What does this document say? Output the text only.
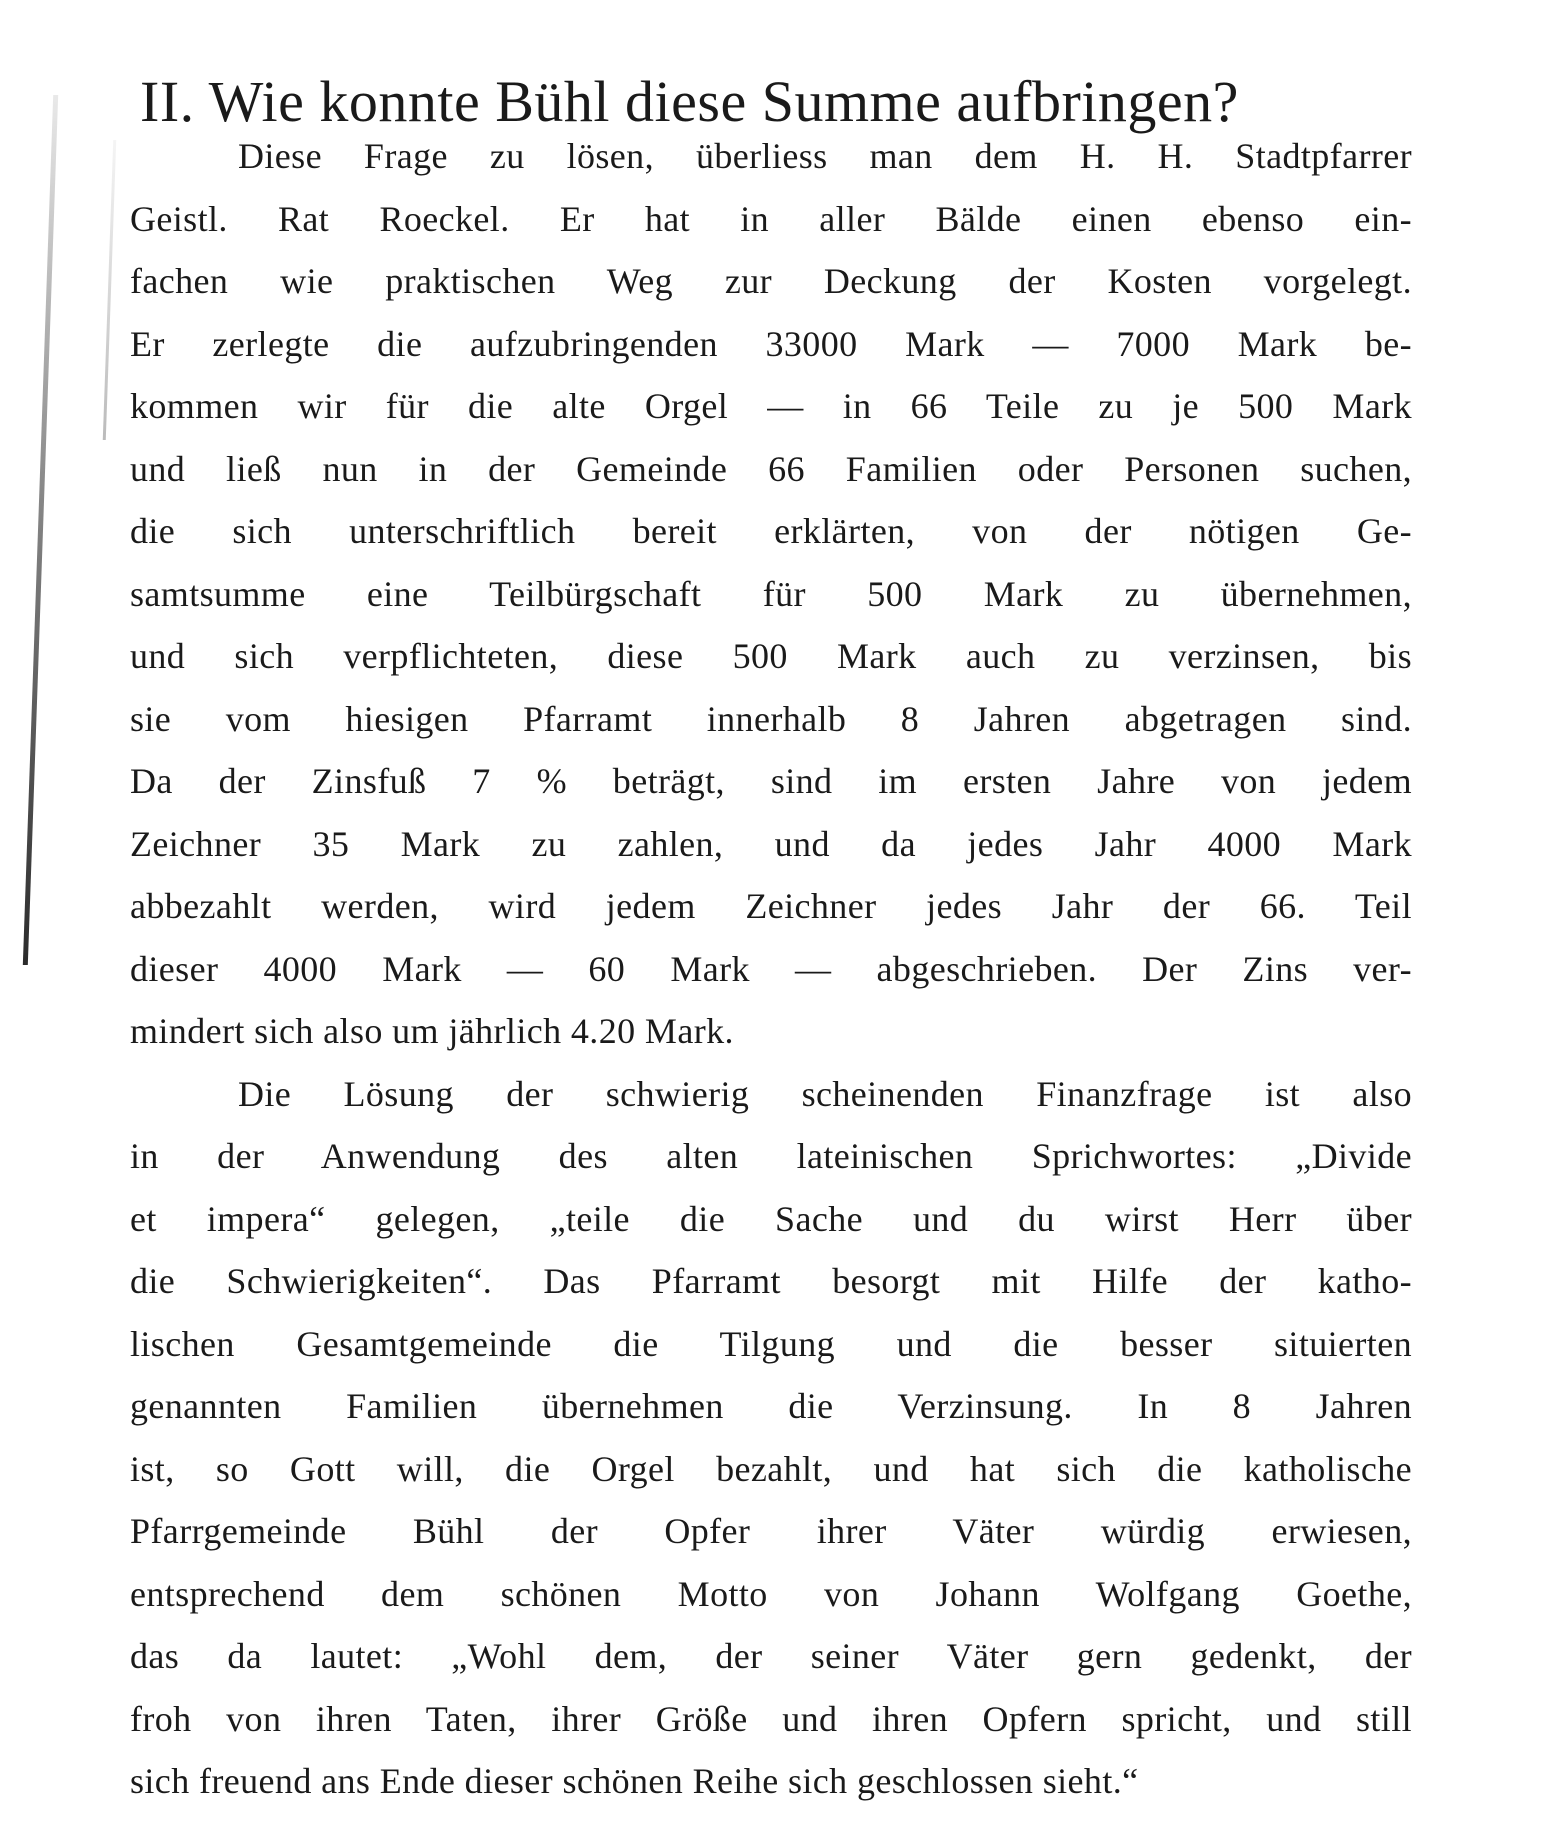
II. Wie konnte Bühl diese Summe aufbringen?
Diese Frage zu lösen, überliess man dem H. H. Stadtpfarrer
Geistl. Rat Roeckel. Er hat in aller Bälde einen ebenso ein-
fachen wie praktischen Weg zur Deckung der Kosten vorgelegt.
Er zerlegte die aufzubringenden 33000 Mark — 7000 Mark be-
kommen wir für die alte Orgel — in 66 Teile zu je 500 Mark
und ließ nun in der Gemeinde 66 Familien oder Personen suchen,
die sich unterschriftlich bereit erklärten, von der nötigen Ge-
samtsumme eine Teilbürgschaft für 500 Mark zu übernehmen,
und sich verpflichteten, diese 500 Mark auch zu verzinsen, bis
sie vom hiesigen Pfarramt innerhalb 8 Jahren abgetragen sind.
Da der Zinsfuß 7 % beträgt, sind im ersten Jahre von jedem
Zeichner 35 Mark zu zahlen, und da jedes Jahr 4000 Mark
abbezahlt werden, wird jedem Zeichner jedes Jahr der 66. Teil
dieser 4000 Mark — 60 Mark — abgeschrieben. Der Zins ver-
mindert sich also um jährlich 4.20 Mark.
Die Lösung der schwierig scheinenden Finanzfrage ist also
in der Anwendung des alten lateinischen Sprichwortes: „Divide
et impera“ gelegen, „teile die Sache und du wirst Herr über
die Schwierigkeiten“. Das Pfarramt besorgt mit Hilfe der katho-
lischen Gesamtgemeinde die Tilgung und die besser situierten
genannten Familien übernehmen die Verzinsung. In 8 Jahren
ist, so Gott will, die Orgel bezahlt, und hat sich die katholische
Pfarrgemeinde Bühl der Opfer ihrer Väter würdig erwiesen,
entsprechend dem schönen Motto von Johann Wolfgang Goethe,
das da lautet: „Wohl dem, der seiner Väter gern gedenkt, der
froh von ihren Taten, ihrer Größe und ihren Opfern spricht, und still
sich freuend ans Ende dieser schönen Reihe sich geschlossen sieht.“
